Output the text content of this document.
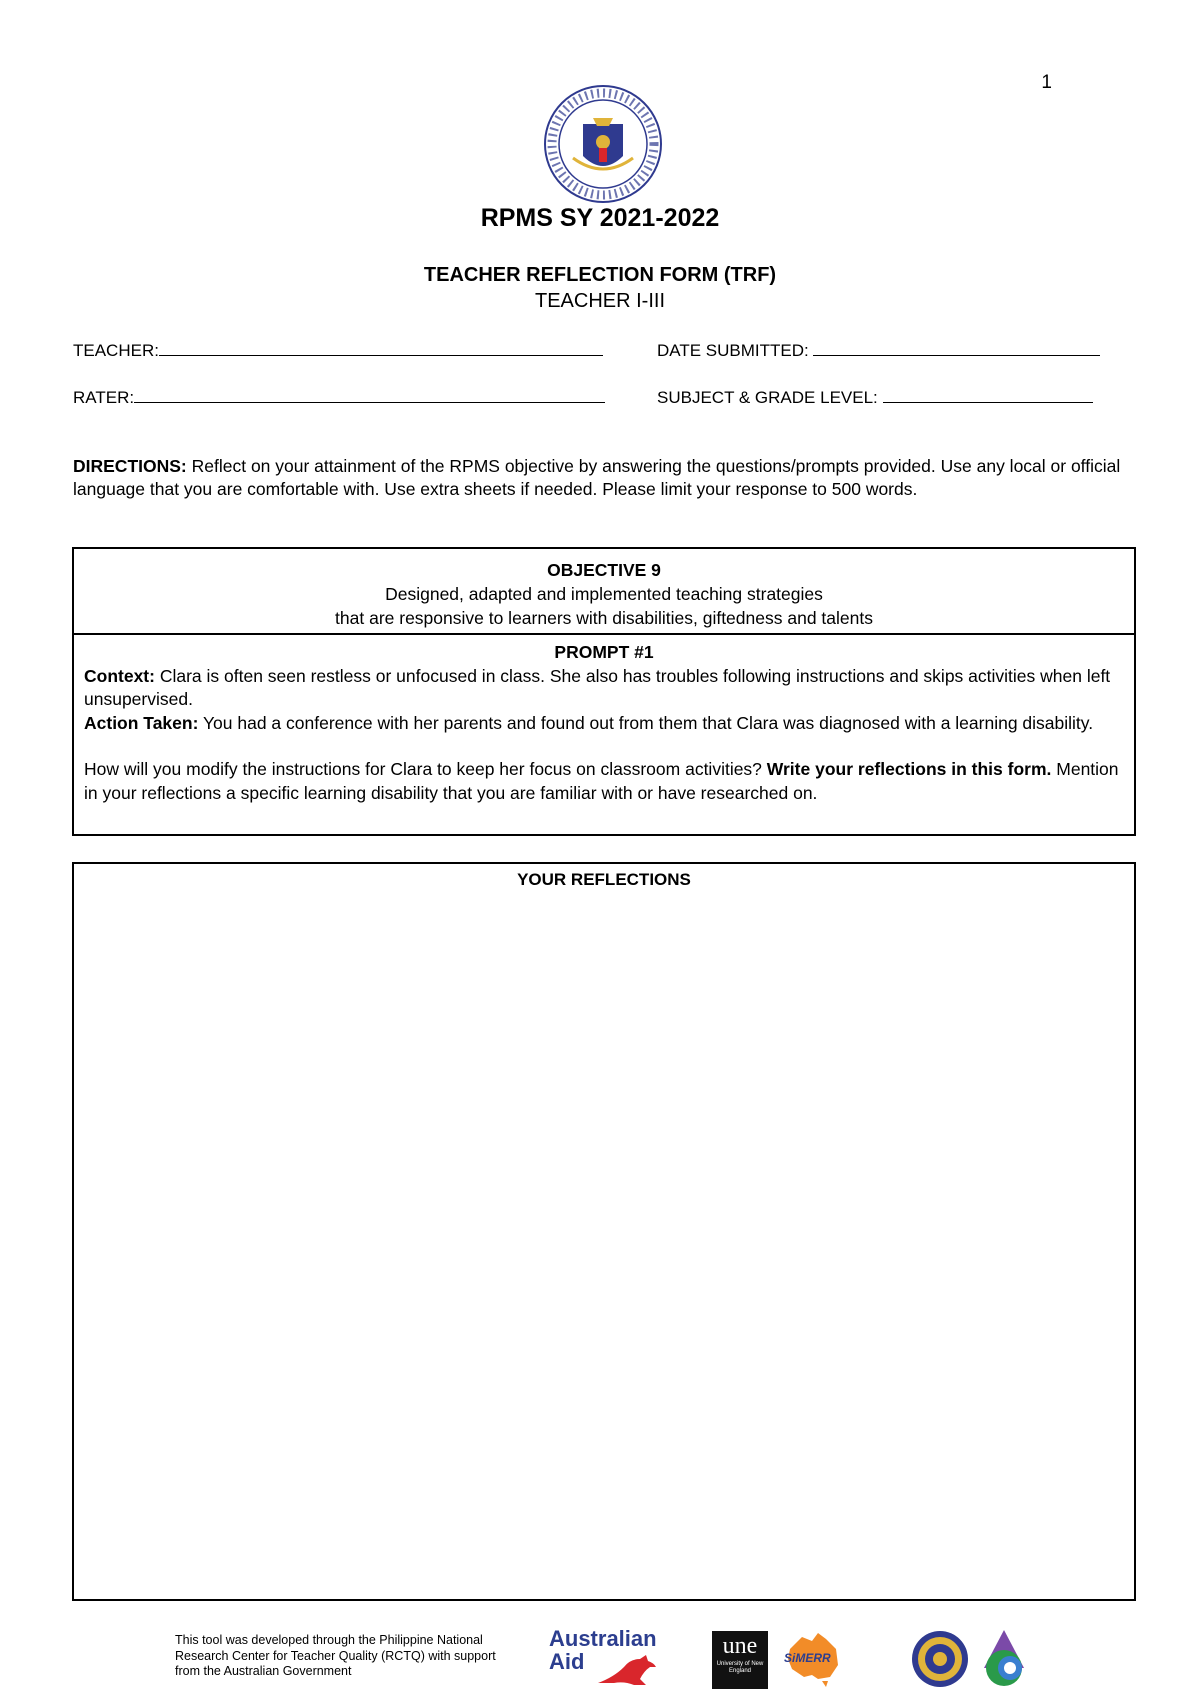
1
RPMS SY 2021-2022
TEACHER REFLECTION FORM (TRF)
TEACHER I-III
TEACHER:	DATE SUBMITTED:
RATER:	SUBJECT & GRADE LEVEL:
DIRECTIONS: Reflect on your attainment of the RPMS objective by answering the questions/prompts provided. Use any local or official language that you are comfortable with. Use extra sheets if needed. Please limit your response to 500 words.
OBJECTIVE 9
Designed, adapted and implemented teaching strategies
that are responsive to learners with disabilities, giftedness and talents
PROMPT #1
Context: Clara is often seen restless or unfocused in class. She also has troubles following instructions and skips activities when left unsupervised.
Action Taken: You had a conference with her parents and found out from them that Clara was diagnosed with a learning disability.
How will you modify the instructions for Clara to keep her focus on classroom activities? Write your reflections in this form. Mention in your reflections a specific learning disability that you are familiar with or have researched on.
YOUR REFLECTIONS
This tool was developed through the Philippine National
Research Center for Teacher Quality (RCTQ) with support
from the Australian Government
Australian
Aid
une
University of New England
SiMERR
